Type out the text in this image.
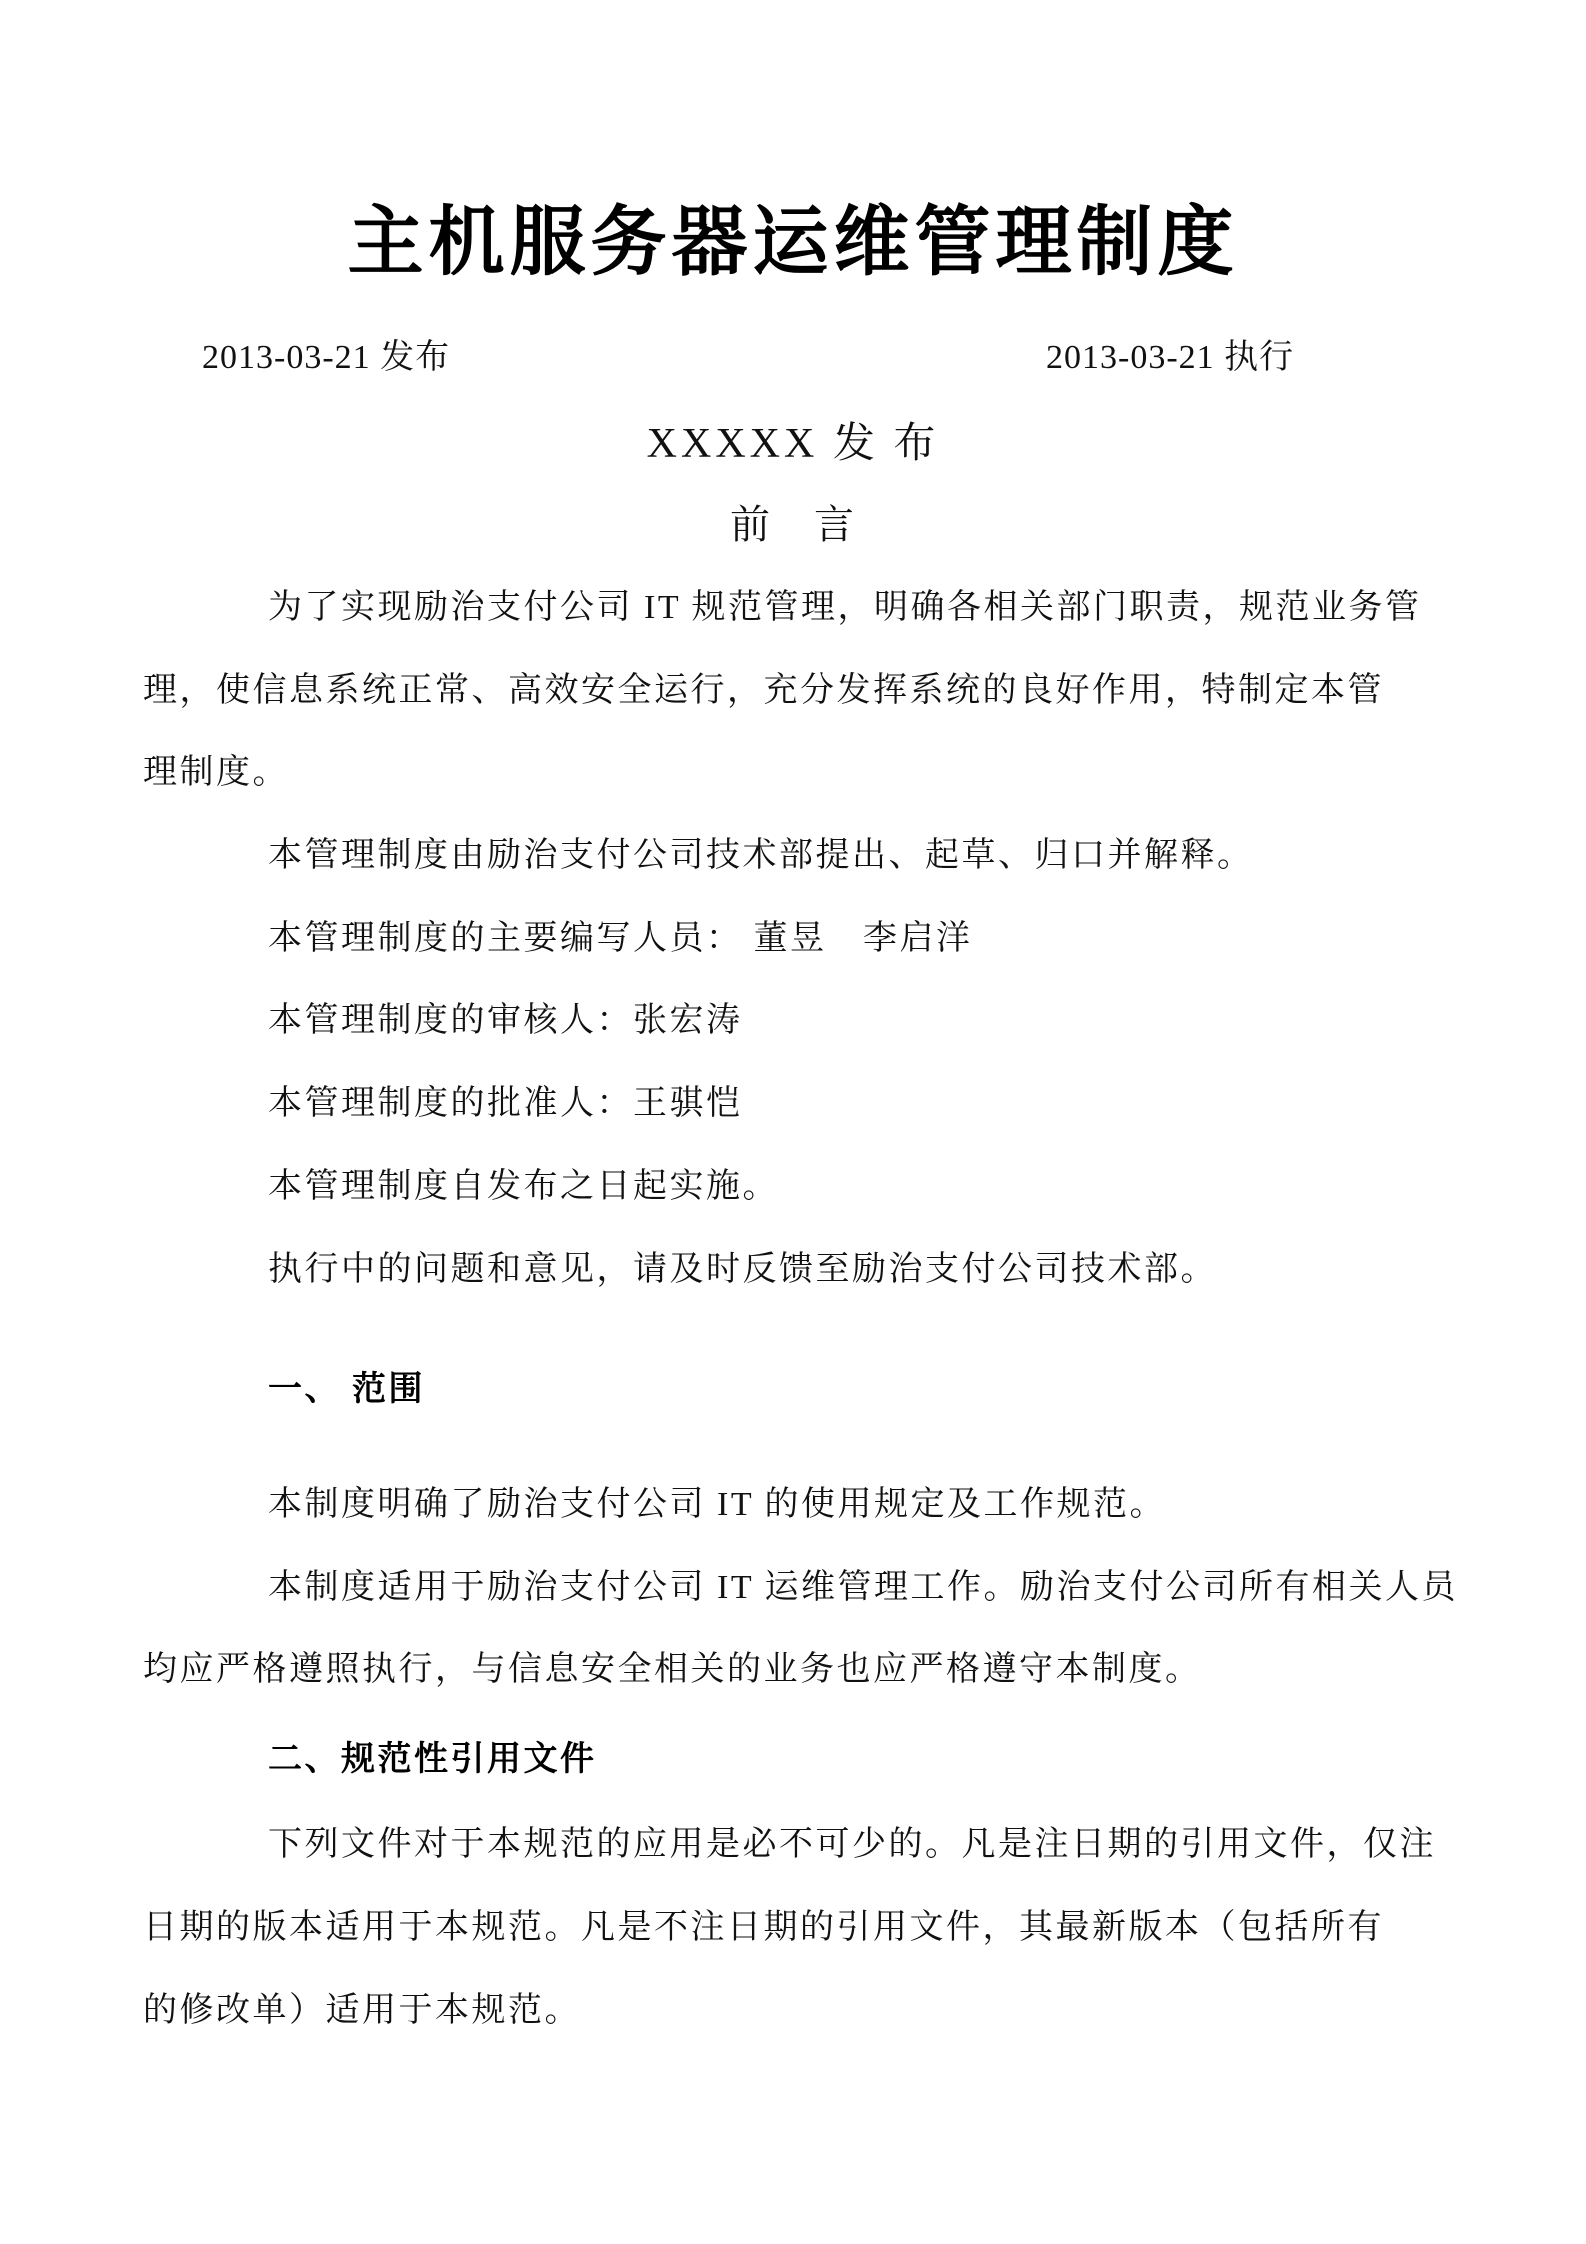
主机服务器运维管理制度
2013-03-21 发布	2013-03-21 执行
XXXXX 发 布
前　言
为了实现励治支付公司 IT 规范管理，明确各相关部门职责，规范业务管
理，使信息系统正常、高效安全运行，充分发挥系统的良好作用，特制定本管
理制度。
本管理制度由励治支付公司技术部提出、起草、归口并解释。
本管理制度的主要编写人员： 董昱　李启洋
本管理制度的审核人：张宏涛
本管理制度的批准人：王骐恺
本管理制度自发布之日起实施。
执行中的问题和意见，请及时反馈至励治支付公司技术部。
一、 范围
本制度明确了励治支付公司 IT 的使用规定及工作规范。
本制度适用于励治支付公司 IT 运维管理工作。励治支付公司所有相关人员
均应严格遵照执行，与信息安全相关的业务也应严格遵守本制度。
二、规范性引用文件
下列文件对于本规范的应用是必不可少的。凡是注日期的引用文件，仅注
日期的版本适用于本规范。凡是不注日期的引用文件，其最新版本（包括所有
的修改单）适用于本规范。
